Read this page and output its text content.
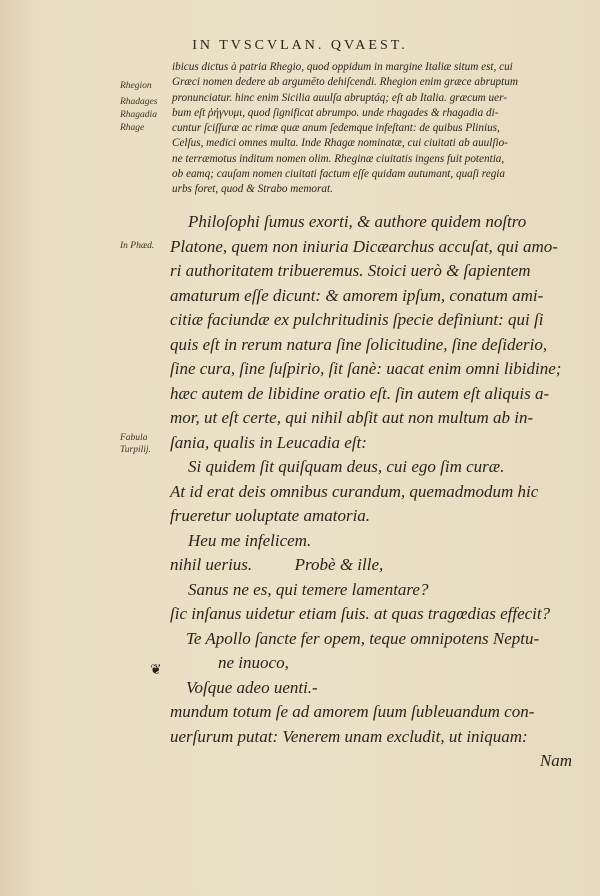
IN TVSCVLAN. QVAEST.
Rhegion
Rhadages
Rhagadia
Rhage
In Phæd.
Fabula
Turpilij.
ibicus dictus à patria Rhegio, quod oppidum in margine Italiæ situm est, cui
Græci nomen dedere ab argumēto dehiſcendi. Rhegion enim græce abruptum
pronunciatur. hinc enim Sicilia auulſa abruptáq; eſt ab Italia. græcum uer-
bum eſt ῥήγνυμι, quod ſignificat abrumpo. unde rhagades & rhagadia di-
cuntur ſciſſuræ ac rimæ quæ anum ſedemque infeſtant: de quibus Plinius,
Celſus, medici omnes multa. Inde Rhagæ nominatæ, cui ciuitati ab auulſio-
ne terræmotus inditum nomen olim. Rheginæ ciuitatis ingens fuit potentia,
ob eamq; cauſam nomen ciuitati factum eſſe quidam autumant, quaſi regia
urbs foret, quod & Strabo memorat.
Philoſophi ſumus exorti, & authore quidem noſtro
Platone, quem non iniuria Dicæarchus accuſat, qui amo-
ri authoritatem tribueremus. Stoici uerò & ſapientem
amaturum eſſe dicunt: & amorem ipſum, conatum ami-
citiæ faciundæ ex pulchritudinis ſpecie definiunt: qui ſi
quis eſt in rerum natura ſine ſolicitudine, ſine deſiderio,
ſine cura, ſine ſuſpirio, ſit ſanè: uacat enim omni libidine;
hæc autem de libidine oratio eſt. ſin autem eſt aliquis a-
mor, ut eſt certe, qui nihil abſit aut non multum ab in-
ſania, qualis in Leucadia eſt:
Si quidem ſit quiſquam deus, cui ego ſim curæ.
At id erat deis omnibus curandum, quemadmodum hic
frueretur uoluptate amatoria.
Heu me infelicem.
nihil uerius.          Probè & ille,
Sanus ne es, qui temere lamentare?
ſic inſanus uidetur etiam ſuis. at quas tragœdias effecit?
Te Apollo ſancte fer opem, teque omnipotens Neptu-
ne inuoco,
Voſque adeo uenti.-
mundum totum ſe ad amorem ſuum ſubleuandum con-
uerſurum putat: Venerem unam excludit, ut iniquam:
Nam
❦
